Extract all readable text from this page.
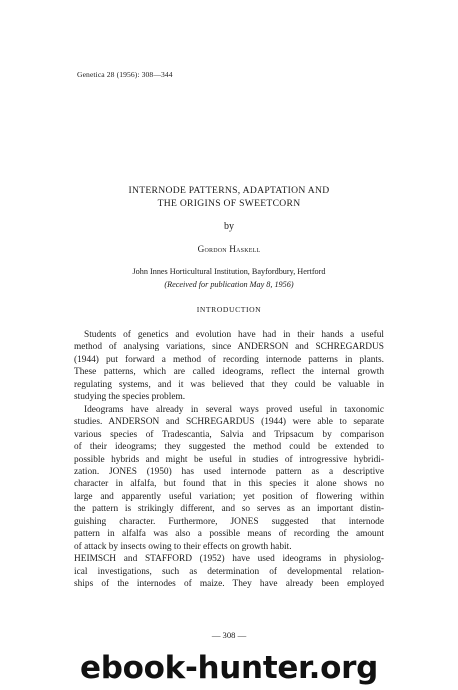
Genetica 28 (1956): 308—344
INTERNODE PATTERNS, ADAPTATION AND
THE ORIGINS OF SWEETCORN
by
Gordon Haskell
John Innes Horticultural Institution, Bayfordbury, Hertford
(Received for publication May 8, 1956)
INTRODUCTION
Students of genetics and evolution have had in their hands a useful
method of analysing variations, since ANDERSON and SCHREGARDUS
(1944) put forward a method of recording internode patterns in plants.
These patterns, which are called ideograms, reflect the internal growth
regulating systems, and it was believed that they could be valuable in
studying the species problem.
Ideograms have already in several ways proved useful in taxonomic
studies. ANDERSON and SCHREGARDUS (1944) were able to separate
various species of Tradescantia, Salvia and Tripsacum by comparison
of their ideograms; they suggested the method could be extended to
possible hybrids and might be useful in studies of introgressive hybridi-
zation. JONES (1950) has used internode pattern as a descriptive
character in alfalfa, but found that in this species it alone shows no
large and apparently useful variation; yet position of flowering within
the pattern is strikingly different, and so serves as an important distin-
guishing character. Furthermore, JONES suggested that internode
pattern in alfalfa was also a possible means of recording the amount
of attack by insects owing to their effects on growth habit.
HEIMSCH and STAFFORD (1952) have used ideograms in physiolog-
ical investigations, such as determination of developmental relation-
ships of the internodes of maize. They have already been employed
— 308 —
ebook-hunter.org
